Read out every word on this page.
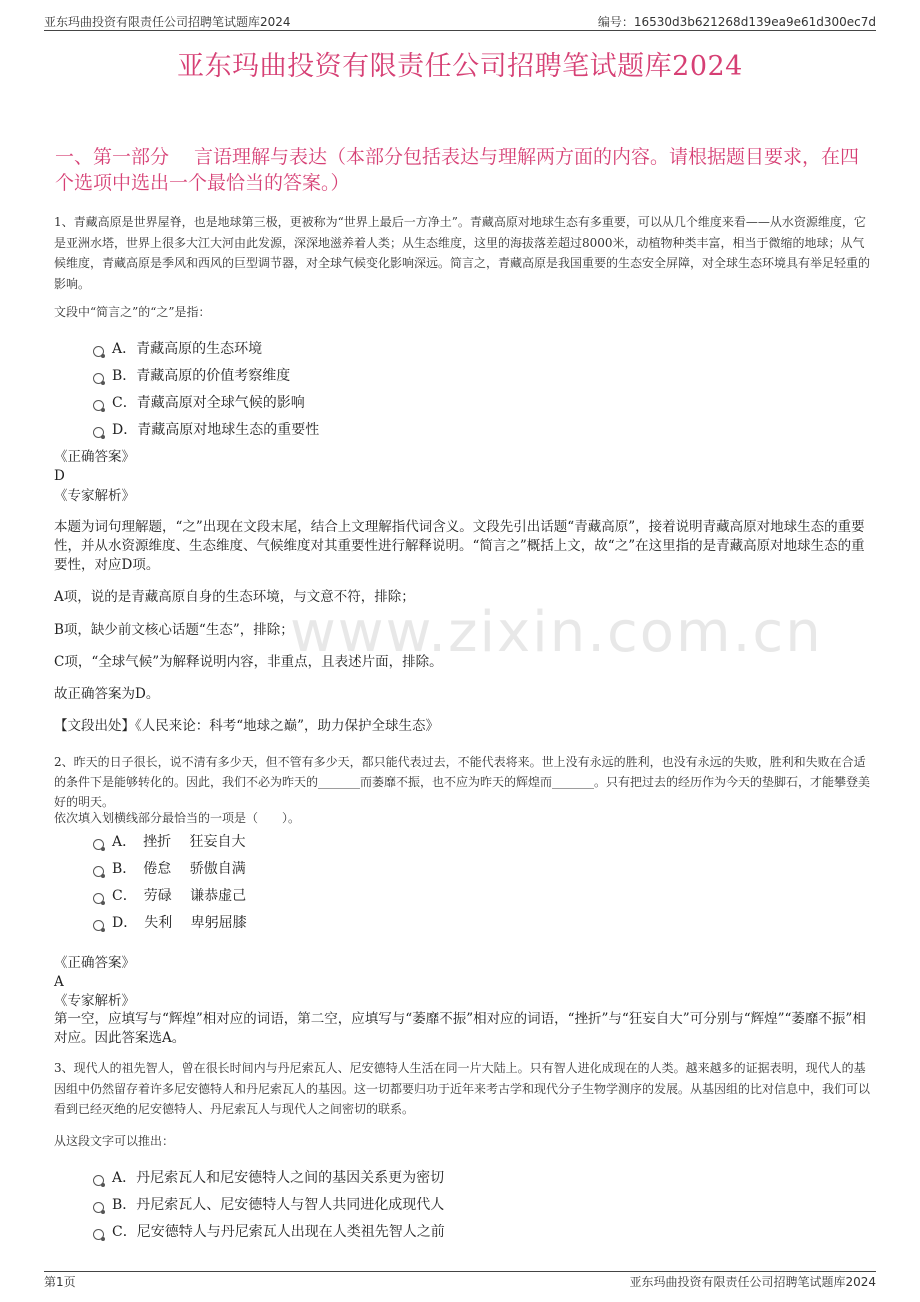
亚东玛曲投资有限责任公司招聘笔试题库2024	编号：16530d3b621268d139ea9e61d300ec7d
亚东玛曲投资有限责任公司招聘笔试题库2024
一、第一部分　 言语理解与表达（本部分包括表达与理解两方面的内容。请根据题目要求，在四个选项中选出一个最恰当的答案。）
www.zixin.com.cn
1、青藏高原是世界屋脊，也是地球第三极，更被称为“世界上最后一方净土”。青藏高原对地球生态有多重要，可以从几个维度来看——从水资源维度，它是亚洲水塔，世界上很多大江大河由此发源，深深地滋养着人类；从生态维度，这里的海拔落差超过8000米，动植物种类丰富，相当于微缩的地球；从气候维度，青藏高原是季风和西风的巨型调节器，对全球气候变化影响深远。简言之，青藏高原是我国重要的生态安全屏障，对全球生态环境具有举足轻重的影响。
文段中“简言之”的“之”是指：
A．青藏高原的生态环境
B．青藏高原的价值考察维度
C．青藏高原对全球气候的影响
D．青藏高原对地球生态的重要性
《正确答案》
D
《专家解析》
本题为词句理解题，“之”出现在文段末尾，结合上文理解指代词含义。文段先引出话题“青藏高原”，接着说明青藏高原对地球生态的重要性，并从水资源维度、生态维度、气候维度对其重要性进行解释说明。“简言之”概括上文，故“之”在这里指的是青藏高原对地球生态的重要性，对应D项。
A项，说的是青藏高原自身的生态环境，与文意不符，排除；
B项，缺少前文核心话题“生态”，排除；
C项，“全球气候”为解释说明内容，非重点，且表述片面，排除。
故正确答案为D。
【文段出处】《人民来论：科考“地球之巅”，助力保护全球生态》
2、昨天的日子很长，说不清有多少天，但不管有多少天，都只能代表过去，不能代表将来。世上没有永远的胜利，也没有永远的失败，胜利和失败在合适的条件下是能够转化的。因此，我们不必为昨天的_______而萎靡不振，也不应为昨天的辉煌而_______。只有把过去的经历作为今天的垫脚石，才能攀登美好的明天。
依次填入划横线部分最恰当的一项是（　　）。
A．　挫折　 狂妄自大
B．　倦怠　 骄傲自满
C．　劳碌　 谦恭虚己
D．　失利　 卑躬屈膝
《正确答案》
A
《专家解析》
第一空，应填写与“辉煌”相对应的词语，第二空，应填写与“萎靡不振”相对应的词语，“挫折”与“狂妄自大”可分别与“辉煌”“萎靡不振”相对应。因此答案选A。
3、现代人的祖先智人，曾在很长时间内与丹尼索瓦人、尼安德特人生活在同一片大陆上。只有智人进化成现在的人类。越来越多的证据表明，现代人的基因组中仍然留存着许多尼安德特人和丹尼索瓦人的基因。这一切都要归功于近年来考古学和现代分子生物学测序的发展。从基因组的比对信息中，我们可以看到已经灭绝的尼安德特人、丹尼索瓦人与现代人之间密切的联系。
从这段文字可以推出：
A．丹尼索瓦人和尼安德特人之间的基因关系更为密切
B．丹尼索瓦人、尼安德特人与智人共同进化成现代人
C．尼安德特人与丹尼索瓦人出现在人类祖先智人之前
第1页	亚东玛曲投资有限责任公司招聘笔试题库2024
